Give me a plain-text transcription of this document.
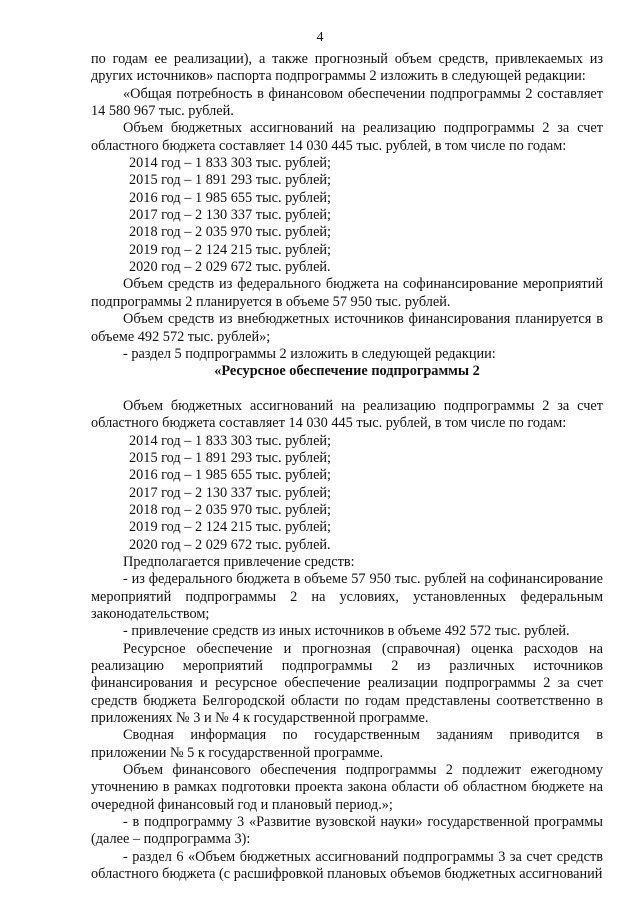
4

по годам ее реализации), а также прогнозный объем средств, привлекаемых из других источников» паспорта подпрограммы 2 изложить в следующей редакции:

«Общая потребность в финансовом обеспечении подпрограммы 2 составляет 14 580 967 тыс. рублей.

Объем бюджетных ассигнований на реализацию подпрограммы 2 за счет областного бюджета составляет 14 030 445 тыс. рублей, в том числе по годам:

2014 год – 1 833 303 тыс. рублей;

2015 год – 1 891 293 тыс. рублей;

2016 год – 1 985 655 тыс. рублей;

2017 год – 2 130 337 тыс. рублей;

2018 год – 2 035 970 тыс. рублей;

2019 год – 2 124 215 тыс. рублей;

2020 год – 2 029 672 тыс. рублей.

Объем средств из федерального бюджета на софинансирование мероприятий подпрограммы 2 планируется в объеме 57 950 тыс. рублей.

Объем средств из внебюджетных источников финансирования планируется в объеме 492 572 тыс. рублей»;

- раздел 5 подпрограммы 2 изложить в следующей редакции:

«Ресурсное обеспечение подпрограммы 2

Объем бюджетных ассигнований на реализацию подпрограммы 2 за счет областного бюджета составляет 14 030 445 тыс. рублей, в том числе по годам:

2014 год – 1 833 303 тыс. рублей;

2015 год – 1 891 293 тыс. рублей;

2016 год – 1 985 655 тыс. рублей;

2017 год – 2 130 337 тыс. рублей;

2018 год – 2 035 970 тыс. рублей;

2019 год – 2 124 215 тыс. рублей;

2020 год – 2 029 672 тыс. рублей.

Предполагается привлечение средств:

- из федерального бюджета в объеме 57 950 тыс. рублей на софинансирование мероприятий подпрограммы 2 на условиях, установленных федеральным законодательством;

- привлечение средств из иных источников в объеме 492 572 тыс. рублей.

Ресурсное обеспечение и прогнозная (справочная) оценка расходов на реализацию мероприятий подпрограммы 2 из различных источников финансирования и ресурсное обеспечение реализации подпрограммы 2 за счет средств бюджета Белгородской области по годам представлены соответственно в приложениях № 3 и № 4 к государственной программе.

Сводная информация по государственным заданиям приводится в приложении № 5 к государственной программе.

Объем финансового обеспечения подпрограммы 2 подлежит ежегодному уточнению в рамках подготовки проекта закона области об областном бюджете на очередной финансовый год и плановый период.»;

- в подпрограмму 3 «Развитие вузовской науки» государственной программы (далее – подпрограмма 3):

- раздел 6 «Объем бюджетных ассигнований подпрограммы 3 за счет средств областного бюджета (с расшифровкой плановых объемов бюджетных ассигнований
